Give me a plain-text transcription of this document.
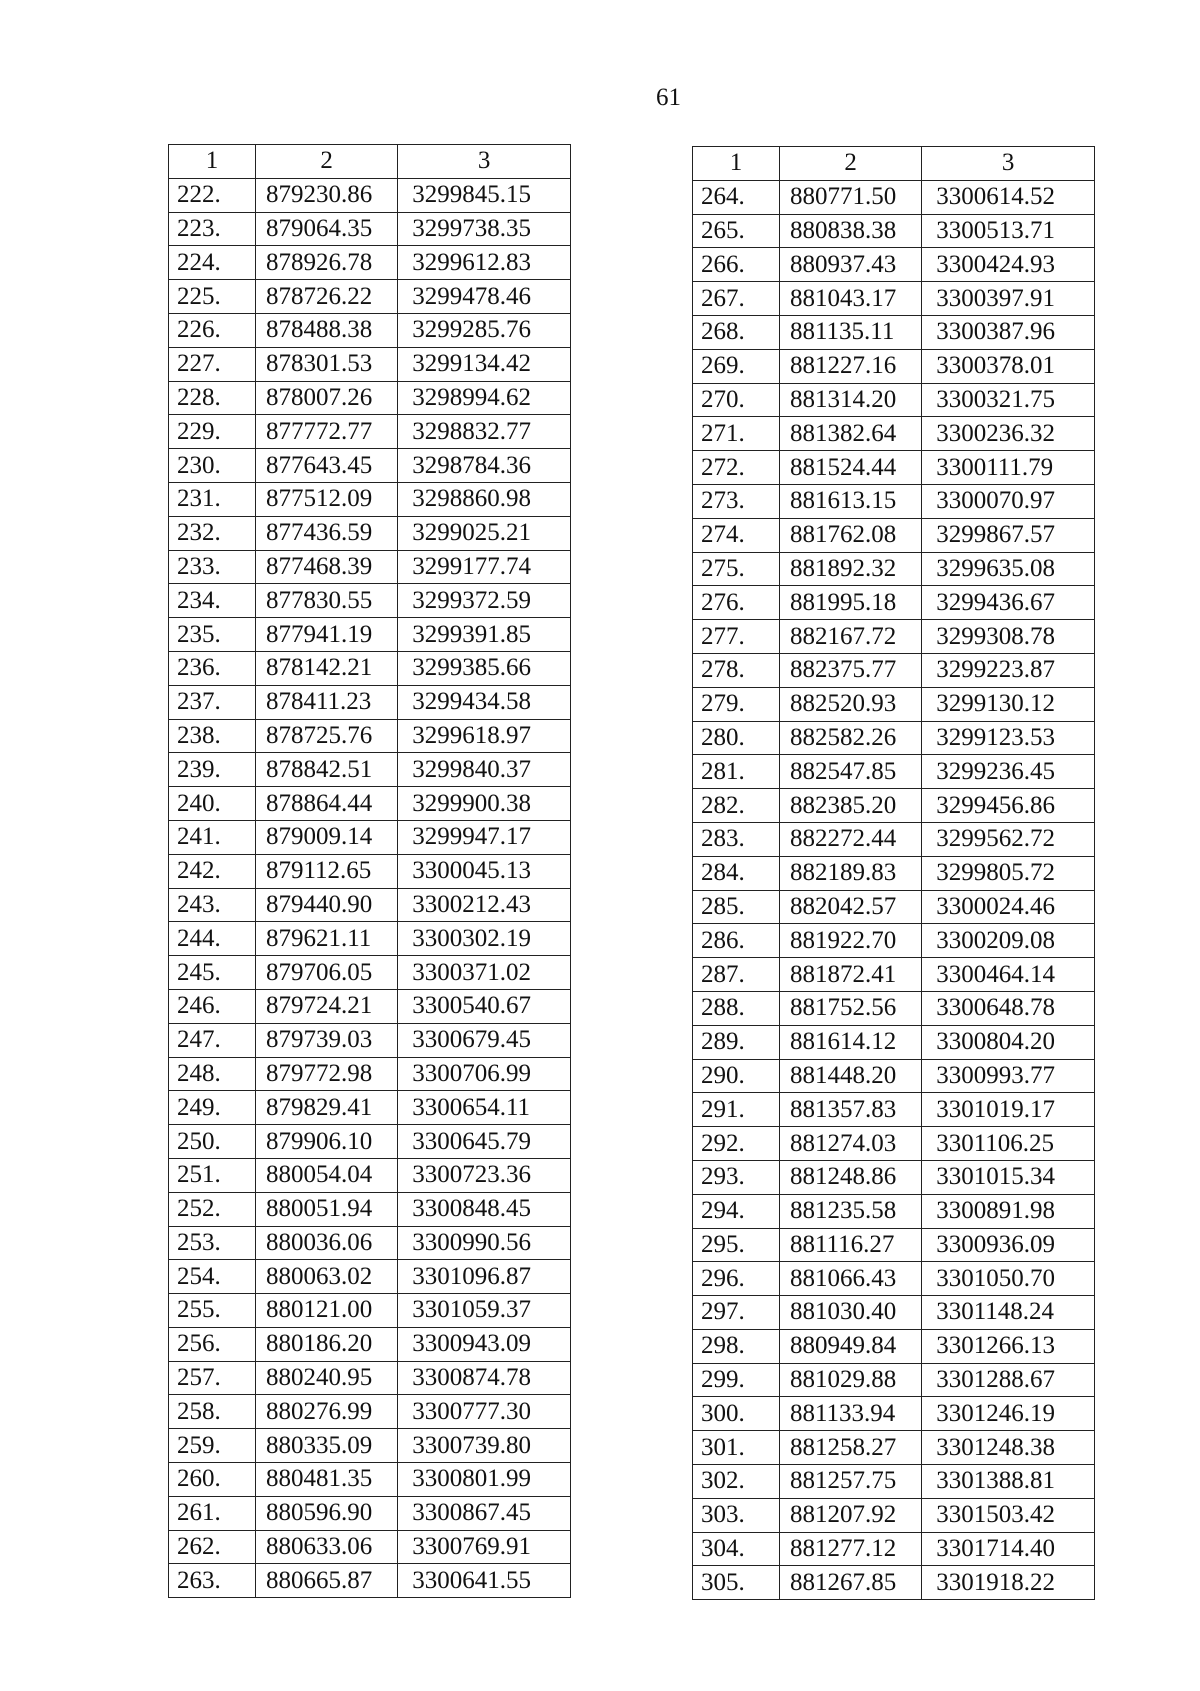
61
1	2	3
222.	879230.86	3299845.15
223.	879064.35	3299738.35
224.	878926.78	3299612.83
225.	878726.22	3299478.46
226.	878488.38	3299285.76
227.	878301.53	3299134.42
228.	878007.26	3298994.62
229.	877772.77	3298832.77
230.	877643.45	3298784.36
231.	877512.09	3298860.98
232.	877436.59	3299025.21
233.	877468.39	3299177.74
234.	877830.55	3299372.59
235.	877941.19	3299391.85
236.	878142.21	3299385.66
237.	878411.23	3299434.58
238.	878725.76	3299618.97
239.	878842.51	3299840.37
240.	878864.44	3299900.38
241.	879009.14	3299947.17
242.	879112.65	3300045.13
243.	879440.90	3300212.43
244.	879621.11	3300302.19
245.	879706.05	3300371.02
246.	879724.21	3300540.67
247.	879739.03	3300679.45
248.	879772.98	3300706.99
249.	879829.41	3300654.11
250.	879906.10	3300645.79
251.	880054.04	3300723.36
252.	880051.94	3300848.45
253.	880036.06	3300990.56
254.	880063.02	3301096.87
255.	880121.00	3301059.37
256.	880186.20	3300943.09
257.	880240.95	3300874.78
258.	880276.99	3300777.30
259.	880335.09	3300739.80
260.	880481.35	3300801.99
261.	880596.90	3300867.45
262.	880633.06	3300769.91
263.	880665.87	3300641.55
1	2	3
264.	880771.50	3300614.52
265.	880838.38	3300513.71
266.	880937.43	3300424.93
267.	881043.17	3300397.91
268.	881135.11	3300387.96
269.	881227.16	3300378.01
270.	881314.20	3300321.75
271.	881382.64	3300236.32
272.	881524.44	3300111.79
273.	881613.15	3300070.97
274.	881762.08	3299867.57
275.	881892.32	3299635.08
276.	881995.18	3299436.67
277.	882167.72	3299308.78
278.	882375.77	3299223.87
279.	882520.93	3299130.12
280.	882582.26	3299123.53
281.	882547.85	3299236.45
282.	882385.20	3299456.86
283.	882272.44	3299562.72
284.	882189.83	3299805.72
285.	882042.57	3300024.46
286.	881922.70	3300209.08
287.	881872.41	3300464.14
288.	881752.56	3300648.78
289.	881614.12	3300804.20
290.	881448.20	3300993.77
291.	881357.83	3301019.17
292.	881274.03	3301106.25
293.	881248.86	3301015.34
294.	881235.58	3300891.98
295.	881116.27	3300936.09
296.	881066.43	3301050.70
297.	881030.40	3301148.24
298.	880949.84	3301266.13
299.	881029.88	3301288.67
300.	881133.94	3301246.19
301.	881258.27	3301248.38
302.	881257.75	3301388.81
303.	881207.92	3301503.42
304.	881277.12	3301714.40
305.	881267.85	3301918.22
